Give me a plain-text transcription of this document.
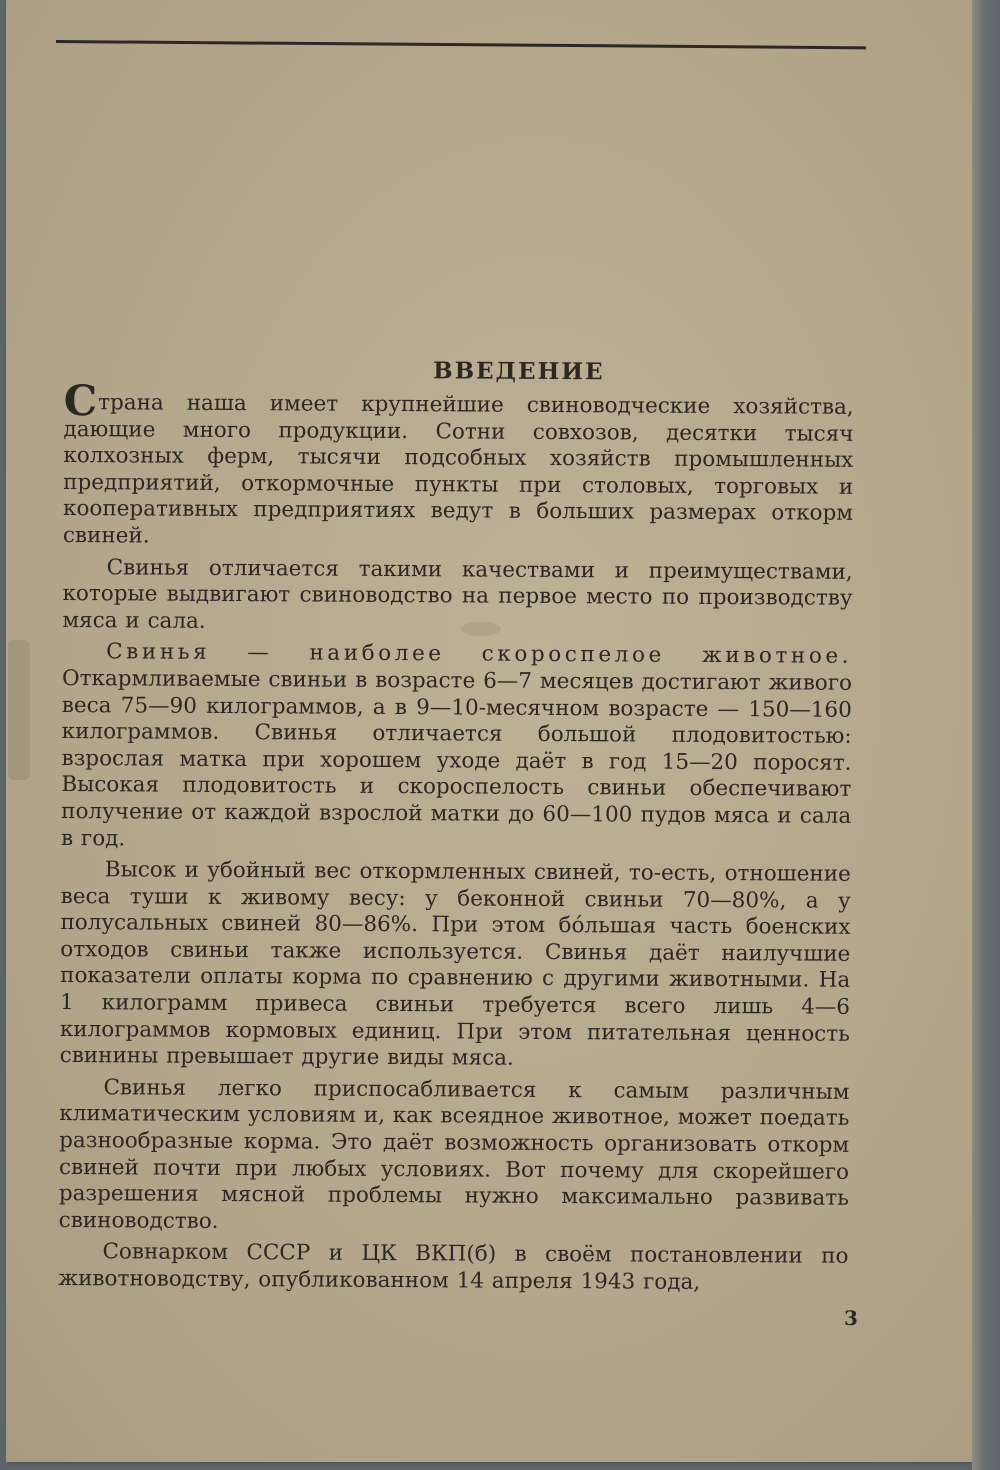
ВВЕДЕНИЕ

Страна наша имеет крупнейшие свиноводческие хозяйства, дающие много продукции. Сотни совхозов, десятки тысяч колхозных ферм, тысячи подсобных хозяйств промышленных предприятий, откормочные пункты при столовых, торговых и кооперативных предприятиях ведут в больших размерах откорм свиней.

Свинья отличается такими качествами и преимуществами, которые выдвигают свиноводство на первое место по производству мяса и сала.

Свинья — наиболее скороспелое животное. Откармливаемые свиньи в возрасте 6—7 месяцев достигают живого веса 75—90 килограммов, а в 9—10-месячном возрасте — 150—160 килограммов. Свинья отличается большой плодовитостью: взрослая матка при хорошем уходе даёт в год 15—20 поросят. Высокая плодовитость и скороспелость свиньи обеспечивают получение от каждой взрослой матки до 60—100 пудов мяса и сала в год.

Высок и убойный вес откормленных свиней, то-есть, отношение веса туши к живому весу: у беконной свиньи 70—80%, а у полусальных свиней 80—86%. При этом бо́льшая часть боенских отходов свиньи также используется. Свинья даёт наилучшие показатели оплаты корма по сравнению с другими животными. На 1 килограмм привеса свиньи требуется всего лишь 4—6 килограммов кормовых единиц. При этом питательная ценность свинины превышает другие виды мяса.

Свинья легко приспосабливается к самым различным климатическим условиям и, как всеядное животное, может поедать разнообразные корма. Это даёт возможность организовать откорм свиней почти при любых условиях. Вот почему для скорейшего разрешения мясной проблемы нужно максимально развивать свиноводство.

Совнарком СССР и ЦК ВКП(б) в своём постановлении по животноводству, опубликованном 14 апреля 1943 года,

3
